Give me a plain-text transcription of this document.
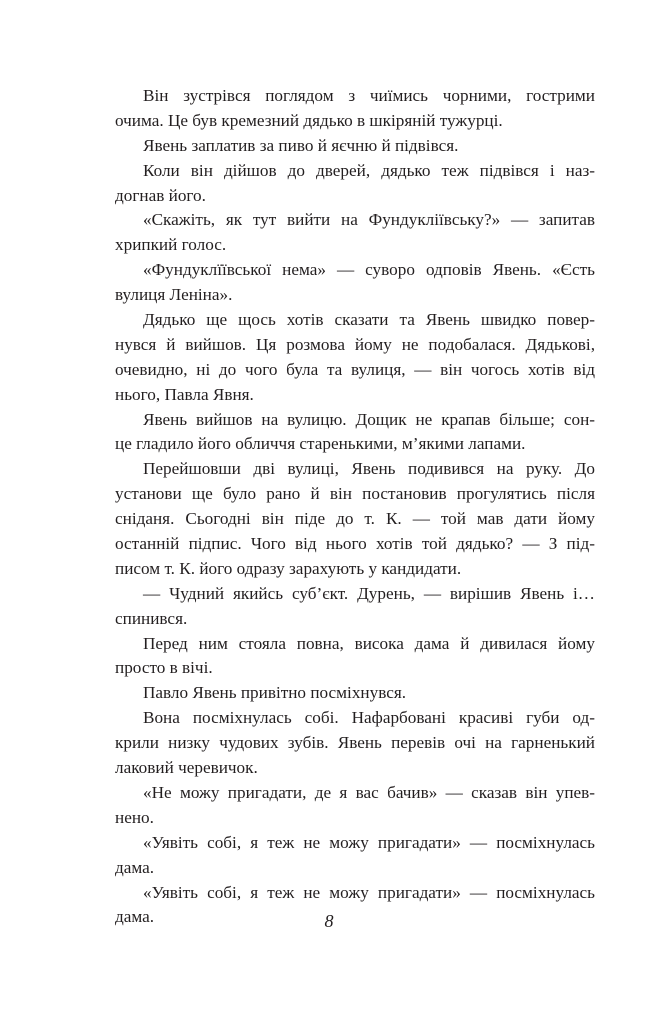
Він зустрівся поглядом з чиїмись чорними, гострими
очима. Це був кремезний дядько в шкіряній тужурці.
Явень заплатив за пиво й яєчню й підвівся.
Коли він дійшов до дверей, дядько теж підвівся і наз-
догнав його.
«Скажіть, як тут вийти на Фундукліївську?» — запитав
хрипкий голос.
«Фундуклїївської нема» — суворо одповів Явень. «Єсть
вулиця Леніна».
Дядько ще щось хотів сказати та Явень швидко повер-
нувся й вийшов. Ця розмова йому не подобалася. Дядькові,
очевидно, ні до чого була та вулиця, — він чогось хотів від
нього, Павла Явня.
Явень вийшов на вулицю. Дощик не крапав більше; сон-
це гладило його обличчя старенькими, м’якими лапами.
Перейшовши дві вулиці, Явень подивився на руку. До
установи ще було рано й він постановив прогулятись після
сніданя. Сьогодні він піде до т. К. — той мав дати йому
останній підпис. Чого від нього хотів той дядько? — З під-
писом т. К. його одразу зарахують у кандидати.
— Чудний якийсь суб’єкт. Дурень, — вирішив Явень і…
спинився.
Перед ним стояла повна, висока дама й дивилася йому
просто в вічі.
Павло Явень привітно посміхнувся.
Вона посміхнулась собі. Нафарбовані красиві губи од-
крили низку чудових зубів. Явень перевів очі на гарненький
лаковий черевичок.
«Не можу пригадати, де я вас бачив» — сказав він упев-
нено.
«Уявіть собі, я теж не можу пригадати» — посміхнулась
дама.
«Уявіть собі, я теж не можу пригадати» — посміхнулась
дама.	8
